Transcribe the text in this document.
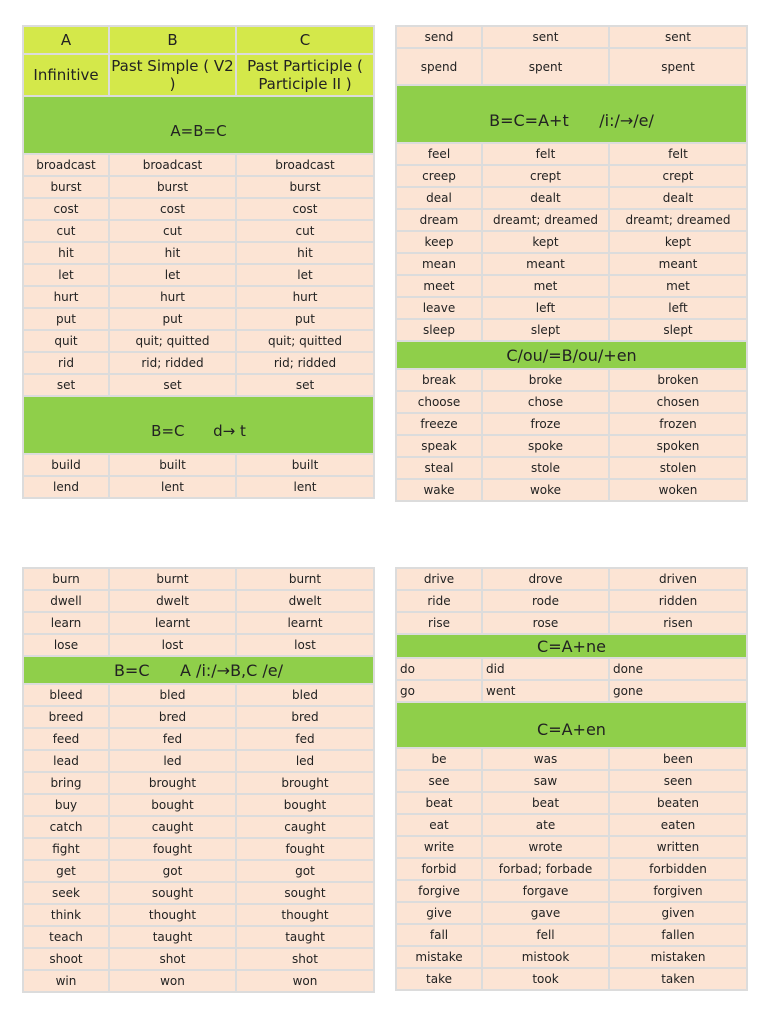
A	B	C
Infinitive	Past Simple ( V2 )	Past Participle ( Participle II )
A=B=C		
broadcast	broadcast	broadcast
burst	burst	burst
cost	cost	cost
cut	cut	cut
hit	hit	hit
let	let	let
hurt	hurt	hurt
put	put	put
quit	quit; quitted	quit; quitted
rid	rid; ridded	rid; ridded
set	set	set
B=C      d→ t		
build	built	built
lend	lent	lent
send	sent	sent
spend	spent	spent
B=C=A+t      /i:/→/e/		
feel	felt	felt
creep	crept	crept
deal	dealt	dealt
dream	dreamt; dreamed	dreamt; dreamed
keep	kept	kept
mean	meant	meant
meet	met	met
leave	left	left
sleep	slept	slept
C/ou/=B/ou/+en		
break	broke	broken
choose	chose	chosen
freeze	froze	frozen
speak	spoke	spoken
steal	stole	stolen
wake	woke	woken
burn	burnt	burnt
dwell	dwelt	dwelt
learn	learnt	learnt
lose	lost	lost
B=C      A /i:/→B,C /e/		
bleed	bled	bled
breed	bred	bred
feed	fed	fed
lead	led	led
bring	brought	brought
buy	bought	bought
catch	caught	caught
fight	fought	fought
get	got	got
seek	sought	sought
think	thought	thought
teach	taught	taught
shoot	shot	shot
win	won	won
drive	drove	driven
ride	rode	ridden
rise	rose	risen
C=A+ne		
do	did	done
go	went	gone
C=A+en		
be	was	been
see	saw	seen
beat	beat	beaten
eat	ate	eaten
write	wrote	written
forbid	forbad; forbade	forbidden
forgive	forgave	forgiven
give	gave	given
fall	fell	fallen
mistake	mistook	mistaken
take	took	taken
